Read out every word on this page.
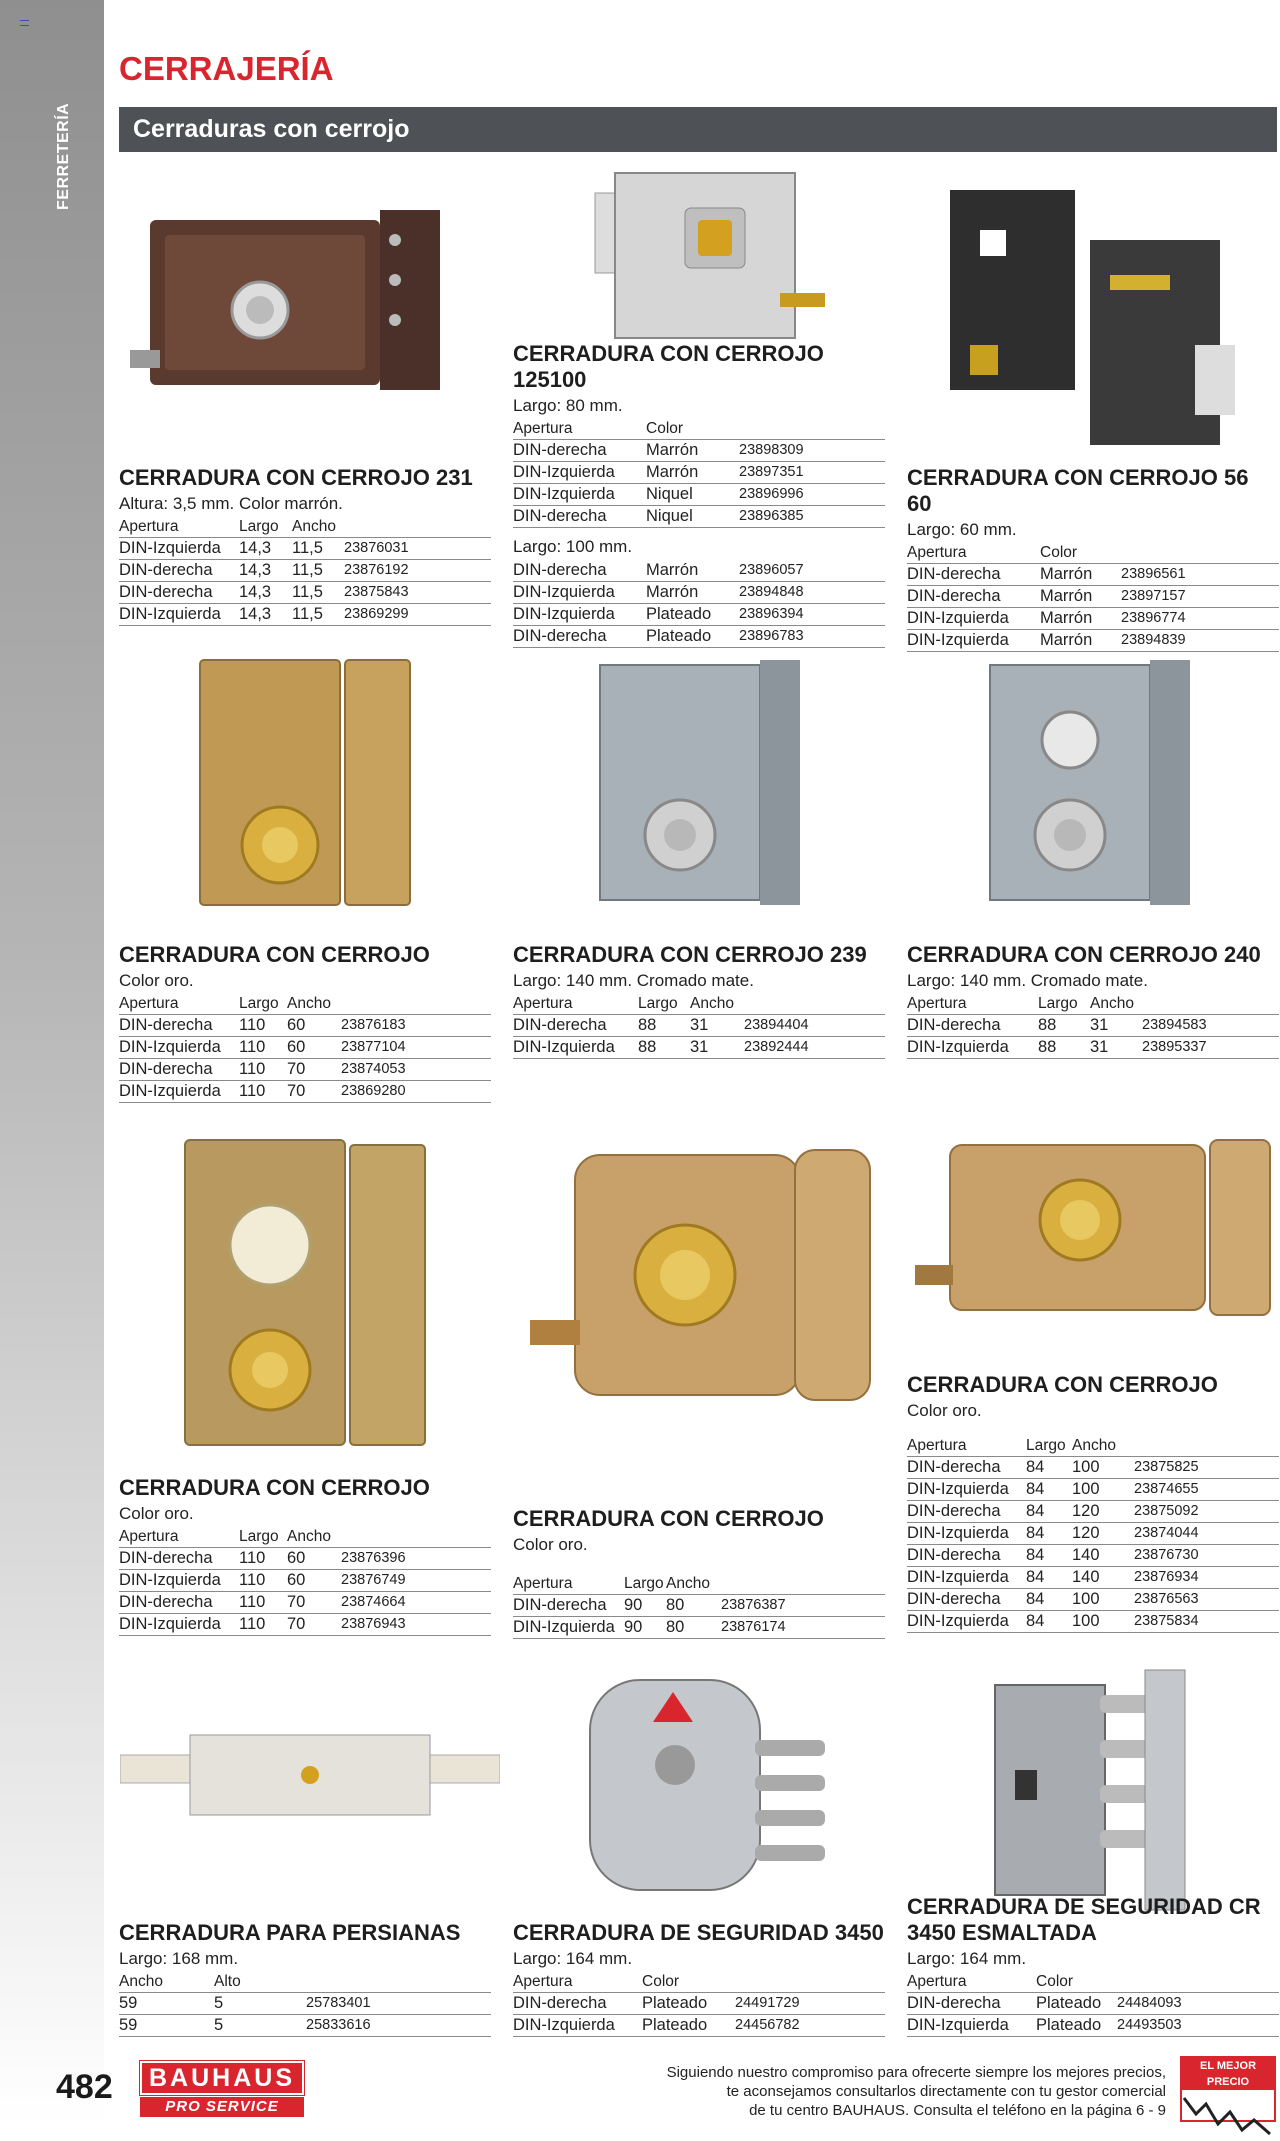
FERRETERÍA
CERRAJERÍA
Cerraduras con cerrojo
CERRADURA CON CERROJO 231
Altura: 3,5 mm. Color marrón.
Apertura	Largo	Ancho	
DIN-Izquierda	14,3	11,5	23876031
DIN-derecha	14,3	11,5	23876192
DIN-derecha	14,3	11,5	23875843
DIN-Izquierda	14,3	11,5	23869299
CERRADURA CON CERROJO 125100
Largo: 80 mm.
Apertura	Color	
DIN-derecha	Marrón	23898309
DIN-Izquierda	Marrón	23897351
DIN-Izquierda	Niquel	23896996
DIN-derecha	Niquel	23896385
Largo: 100 mm.
DIN-derecha	Marrón	23896057
DIN-Izquierda	Marrón	23894848
DIN-Izquierda	Plateado	23896394
DIN-derecha	Plateado	23896783
CERRADURA CON CERROJO 56 60
Largo: 60 mm.
Apertura	Color	
DIN-derecha	Marrón	23896561
DIN-derecha	Marrón	23897157
DIN-Izquierda	Marrón	23896774
DIN-Izquierda	Marrón	23894839
CERRADURA CON CERROJO
Color oro.
Apertura	Largo	Ancho	
DIN-derecha	110	60	23876183
DIN-Izquierda	110	60	23877104
DIN-derecha	110	70	23874053
DIN-Izquierda	110	70	23869280
CERRADURA CON CERROJO 239
Largo: 140 mm. Cromado mate.
Apertura	Largo	Ancho	
DIN-derecha	88	31	23894404
DIN-Izquierda	88	31	23892444
CERRADURA CON CERROJO 240
Largo: 140 mm. Cromado mate.
Apertura	Largo	Ancho	
DIN-derecha	88	31	23894583
DIN-Izquierda	88	31	23895337
CERRADURA CON CERROJO
Color oro.
Apertura	Largo	Ancho	
DIN-derecha	110	60	23876396
DIN-Izquierda	110	60	23876749
DIN-derecha	110	70	23874664
DIN-Izquierda	110	70	23876943
CERRADURA CON CERROJO
Color oro.
Apertura	Largo	Ancho	
DIN-derecha	90	80	23876387
DIN-Izquierda	90	80	23876174
CERRADURA CON CERROJO
Color oro.
Apertura	Largo	Ancho	
DIN-derecha	84	100	23875825
DIN-Izquierda	84	100	23874655
DIN-derecha	84	120	23875092
DIN-Izquierda	84	120	23874044
DIN-derecha	84	140	23876730
DIN-Izquierda	84	140	23876934
DIN-derecha	84	100	23876563
DIN-Izquierda	84	100	23875834
CERRADURA PARA PERSIANAS
Largo: 168 mm.
Ancho	Alto	
59	5	25783401
59	5	25833616
CERRADURA DE SEGURIDAD 3450
Largo: 164 mm.
Apertura	Color	
DIN-derecha	Plateado	24491729
DIN-Izquierda	Plateado	24456782
CERRADURA DE SEGURIDAD CR 3450 ESMALTADA
Largo: 164 mm.
Apertura	Color	
DIN-derecha	Plateado	24484093
DIN-Izquierda	Plateado	24493503
482	BAUHAUS
PRO SERVICE
Siguiendo nuestro compromiso para ofrecerte siempre los mejores precios,
te aconsejamos consultarlos directamente con tu gestor comercial
de tu centro BAUHAUS. Consulta el teléfono en la página 6 - 9
EL MEJOR PRECIO
